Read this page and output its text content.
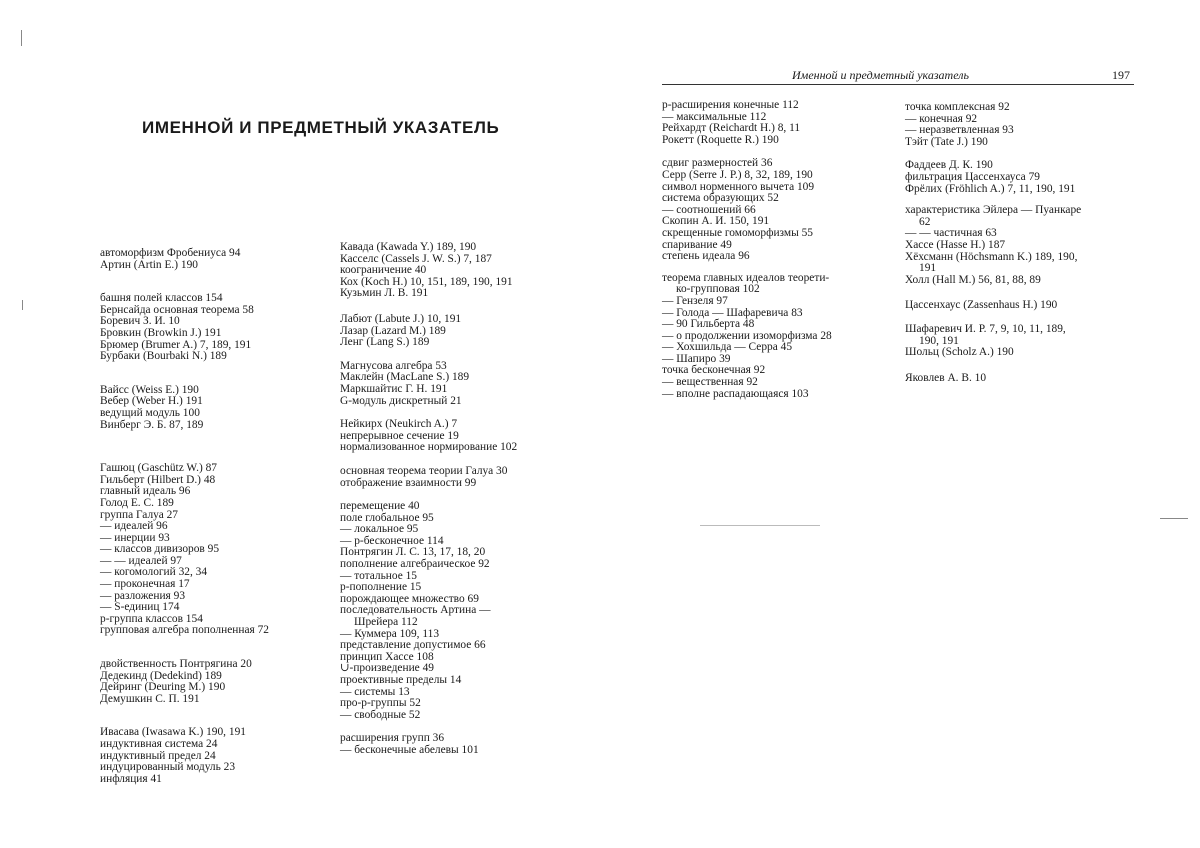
ИМЕННОЙ И ПРЕДМЕТНЫЙ УКАЗАТЕЛЬ
Именной и предметный указатель	197
автоморфизм Фробениуса 94
Артин (Artin E.) 190
башня полей классов 154
Бернсайда основная теорема 58
Боревич З. И. 10
Бровкин (Browkin J.) 191
Брюмер (Brumer A.) 7, 189, 191
Бурбаки (Bourbaki N.) 189
Вайсс (Weiss E.) 190
Вебер (Weber H.) 191
ведущий модуль 100
Винберг Э. Б. 87, 189
Гашюц (Gaschütz W.) 87
Гильберт (Hilbert D.) 48
главный идеаль 96
Голод Е. С. 189
группа Галуа 27
— идеалей 96
— инерции 93
— классов дивизоров 95
— — идеалей 97
— когомологий 32, 34
— проконечная 17
— разложения 93
— S-единиц 174
p-группа классов 154
групповая алгебра пополненная 72
двойственность Понтрягина 20
Дедекинд (Dedekind) 189
Дейринг (Deuring M.) 190
Демушкин С. П. 191
Ивасава (Iwasawa K.) 190, 191
индуктивная система 24
индуктивный предел 24
индуцированный модуль 23
инфляция 41
Кавада (Kawada Y.) 189, 190
Касселс (Cassels J. W. S.) 7, 187
коограничение 40
Кох (Koch H.) 10, 151, 189, 190, 191
Кузьмин Л. В. 191
Лабют (Labute J.) 10, 191
Лазар (Lazard M.) 189
Ленг (Lang S.) 189
Магнусова алгебра 53
Маклейн (MacLane S.) 189
Маркшайтис Г. Н. 191
G-модуль дискретный 21
Нейкирх (Neukirch A.) 7
непрерывное сечение 19
нормализованное нормирование 102
основная теорема теории Галуа 30
отображение взаимности 99
перемещение 40
поле глобальное 95
— локальное 95
— p-бесконечное 114
Понтрягин Л. С. 13, 17, 18, 20
пополнение алгебраическое 92
— тотальное 15
p-пополнение 15
порождающее множество 69
последовательность Артина —
Шрейера 112
— Куммера 109, 113
представление допустимое 66
принцип Хассе 108
∪-произведение 49
проективные пределы 14
— системы 13
про-p-группы 52
— свободные 52
расширения групп 36
— бесконечные абелевы 101
p-расширения конечные 112
— максимальные 112
Рейхардт (Reichardt H.) 8, 11
Рокетт (Roquette R.) 190
сдвиг размерностей 36
Серр (Serre J. P.) 8, 32, 189, 190
символ норменного вычета 109
система образующих 52
— соотношений 66
Скопин А. И. 150, 191
скрещенные гомоморфизмы 55
спаривание 49
степень идеала 96
теорема главных идеалов теорети-
ко-групповая 102
— Гензеля 97
— Голода — Шафаревича 83
— 90 Гильберта 48
— о продолжении изоморфизма 28
— Хохшильда — Серра 45
— Шапиро 39
точка бесконечная 92
— вещественная 92
— вполне распадающаяся 103
точка комплексная 92
— конечная 92
— неразветвленная 93
Тэйт (Tate J.) 190
Фаддеев Д. К. 190
фильтрация Цассенхауса 79
Фрёлих (Fröhlich A.) 7, 11, 190, 191
характеристика Эйлера — Пуанкаре
62
— — частичная 63
Хассе (Hasse H.) 187
Хёхсманн (Höchsmann K.) 189, 190,
191
Холл (Hall M.) 56, 81, 88, 89
Цассенхаус (Zassenhaus H.) 190
Шафаревич И. Р. 7, 9, 10, 11, 189,
190, 191
Шольц (Scholz A.) 190
Яковлев А. В. 10
